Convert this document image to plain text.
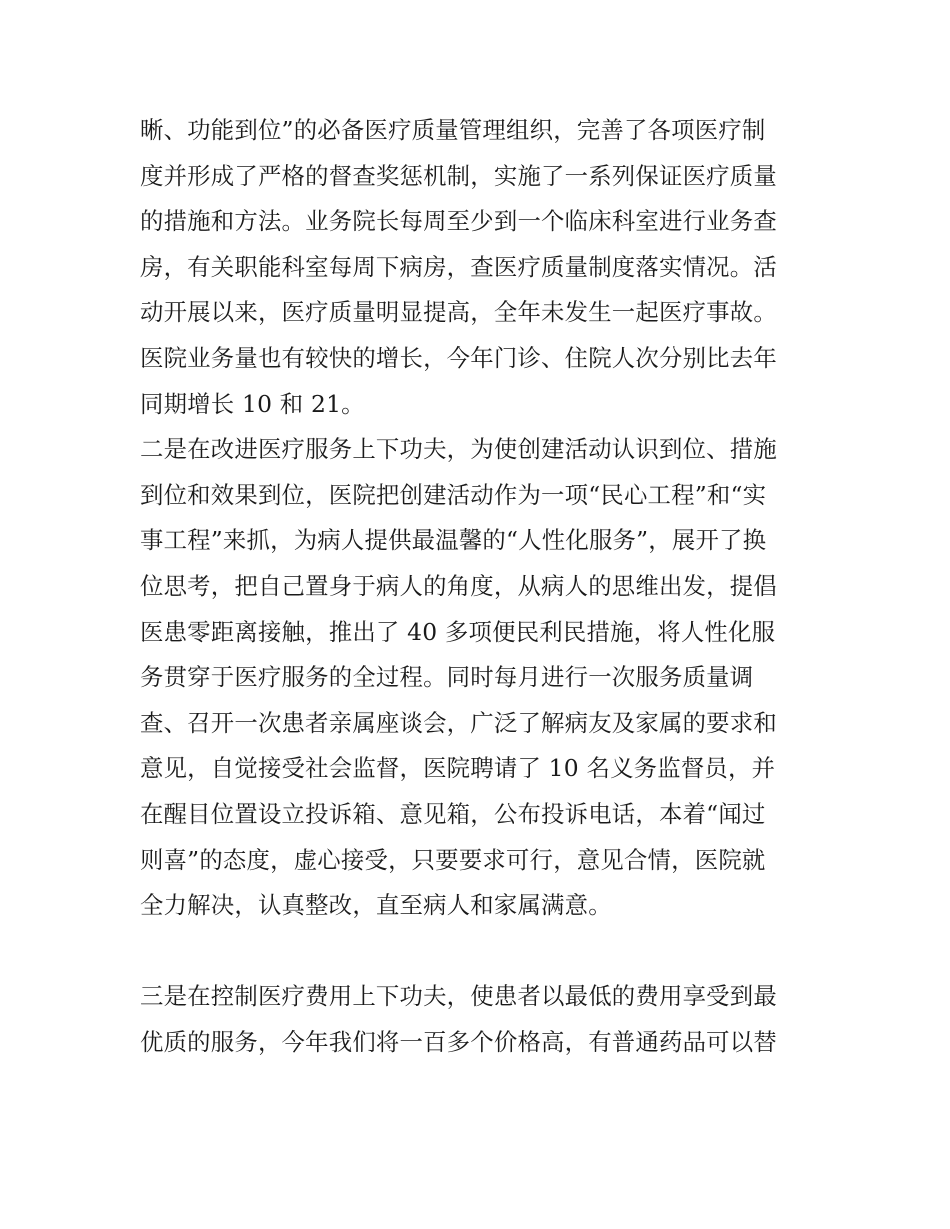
晰、功能到位”的必备医疗质量管理组织，完善了各项医疗制
度并形成了严格的督查奖惩机制，实施了一系列保证医疗质量
的措施和方法。业务院长每周至少到一个临床科室进行业务查
房，有关职能科室每周下病房，查医疗质量制度落实情况。活
动开展以来，医疗质量明显提高，全年未发生一起医疗事故。
医院业务量也有较快的增长，今年门诊、住院人次分别比去年
同期增长 10 和 21。

二是在改进医疗服务上下功夫，为使创建活动认识到位、措施
到位和效果到位，医院把创建活动作为一项“民心工程”和“实
事工程”来抓，为病人提供最温馨的“人性化服务”，展开了换
位思考，把自己置身于病人的角度，从病人的思维出发，提倡
医患零距离接触，推出了 40 多项便民利民措施，将人性化服
务贯穿于医疗服务的全过程。同时每月进行一次服务质量调
查、召开一次患者亲属座谈会，广泛了解病友及家属的要求和
意见，自觉接受社会监督，医院聘请了 10 名义务监督员，并
在醒目位置设立投诉箱、意见箱，公布投诉电话，本着“闻过
则喜”的态度，虚心接受，只要要求可行，意见合情，医院就
全力解决，认真整改，直至病人和家属满意。

三是在控制医疗费用上下功夫，使患者以最低的费用享受到最
优质的服务，今年我们将一百多个价格高，有普通药品可以替
